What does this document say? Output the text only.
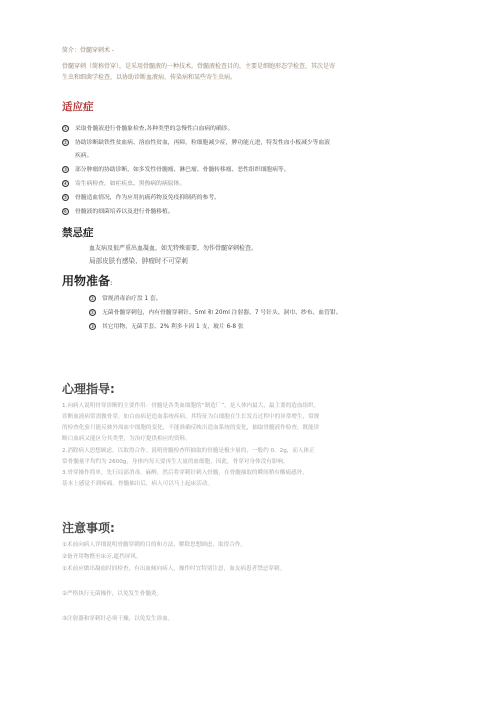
简介：骨髓穿刺术 -
骨髓穿刺（简称骨穿），是采用骨髓液的一种技术。骨髓液检查目的，主要是细胞形态学检查，其次是寄
生虫和细菌学检查，以协助诊断血液病、传染病和某些寄生虫病。
适应症
① 采取骨髓液进行骨髓象检查,各种类型的急慢性白血病的确诊。
② 协助诊断缺铁性贫血病、溶血性贫血，再障，粒细胞减少症，脾功能亢进，特发性血小板减少等血液
疾病。
③ 部分肿瘤的协助诊断，如多发性骨髓瘤、淋巴瘤、骨髓转移瘤、恶性组织细胞病等。
④ 寄生病检查，如疟疾虫、黑热病的病原体。
⑤ 骨髓造血情况，作为应用抗癌药物及免疫抑制药的参考。
⑥ 骨髓液的细菌培养以及进行骨髓移植。
禁忌症
血友病及很严重出血凝血，如无特殊需要，勿作骨髓穿刺检查。
局部皮肤有感染、肿瘤时不可穿刺
用物准备:
① 常规消毒治疗盘 1 套。
② 无菌骨髓穿刺包，内有骨髓穿刺针、5ml 和 20ml 注射器、7 号针头、洞巾、纱布、血管钳。
③ 其它用物，无菌手套、2% 利多卡因 1 支，玻片 6-8 张
心理指导:
1.向病人说明骨穿诊断的主要作用：骨髓是各类血细胞的“制造厂”，是人体内最大、最主要的造血组织。
诊断血液病常需做骨穿，如白血病是造血系统疾病，其特征为白细胞在生长发育过程中的异常增生，常规
的检查化验只能反映外周血中细胞的变化，不能准确反映出造血系统的变化，抽取骨髓液作检查，既能诊
断白血病又能区分其类型，为治疗提供相应的资料。
2.消除病人思想顾虑，以取得合作。说明骨髓检查所抽取的骨髓是极少量的，一般约 0．2g，而人体正
常骨髓量平均约为 2600g，身体内每天要再生大量的血细胞，因此，骨穿对身体没有影响。
3.骨穿操作简单，先行局部消毒、麻醉，然后将穿刺针刺入骨髓，在骨髓抽取的瞬间稍有酸痛感外，
基本上感觉不到疼痛。骨髓抽出后，病人可以马上起床活动。
注意事项:
①术前向病人详细说明骨髓穿刺的目的和方法，解除思想顾虑，取得合作。
②备齐用物携至床旁,遮挡屏风。
①术前应做出凝血时间检查，有出血倾向病人，操作时宜特别注意，血友病患者禁忌穿刺。
②严格执行无菌操作，以免发生骨髓炎。
③注射器和穿刺针必须干燥，以免发生溶血。
